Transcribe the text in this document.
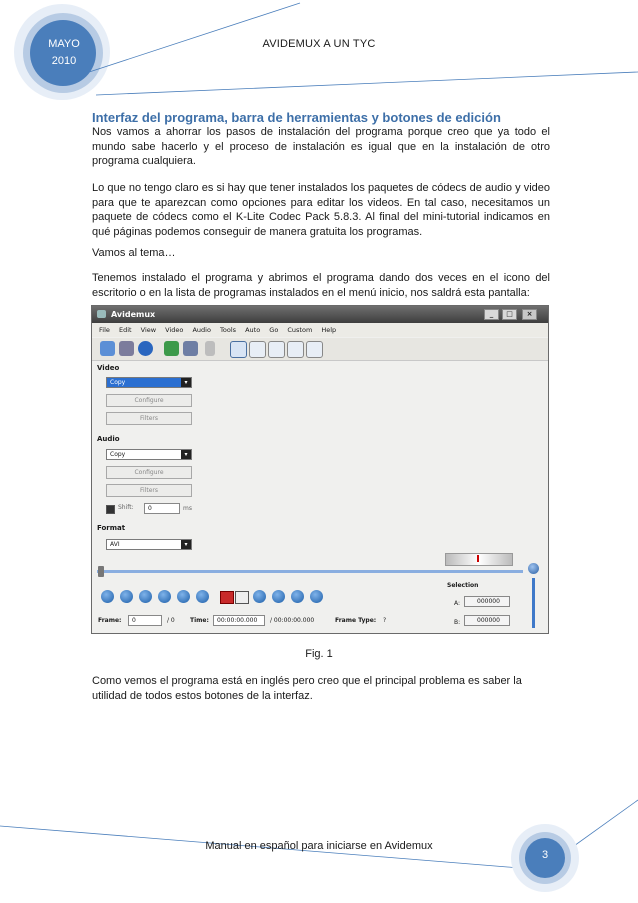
MAYO
2010
AVIDEMUX A UN TYC
Interfaz del programa, barra de herramientas y botones de edición
Nos vamos a ahorrar los pasos de instalación del programa porque creo que ya todo el mundo sabe hacerlo y el proceso de instalación es igual que en la instalación de otro programa cualquiera.
Lo que no tengo claro es si hay que tener instalados los paquetes de códecs de audio y video para que te aparezcan como opciones para editar los videos. En tal caso, necesitamos un paquete de códecs como el K-Lite Codec Pack 5.8.3. Al final del mini-tutorial indicamos en qué páginas podemos conseguir de manera gratuita los programas.
Vamos al tema…
Tenemos instalado el programa y abrimos el programa dando dos veces en el icono del escritorio o en la lista de programas instalados en el menú inicio, nos saldrá esta pantalla:
Avidemux	_	□	×
File Edit View Video Audio Tools Auto Go Custom Help
Video
Copy	▾
Configure
Filters
Audio
Copy	▾
Configure
Filters
Shift: 0	ms
Format
AVI	▾
Selection
A:	000000
B:	000000
Frame: 0	/ 0	Time: 00:00:00.000 / 00:00:00.000	Frame Type: ?
Fig. 1
Como vemos el programa está en inglés pero creo que el principal problema es saber la utilidad de todos estos botones de la interfaz.
Manual en español para iniciarse en Avidemux
3
